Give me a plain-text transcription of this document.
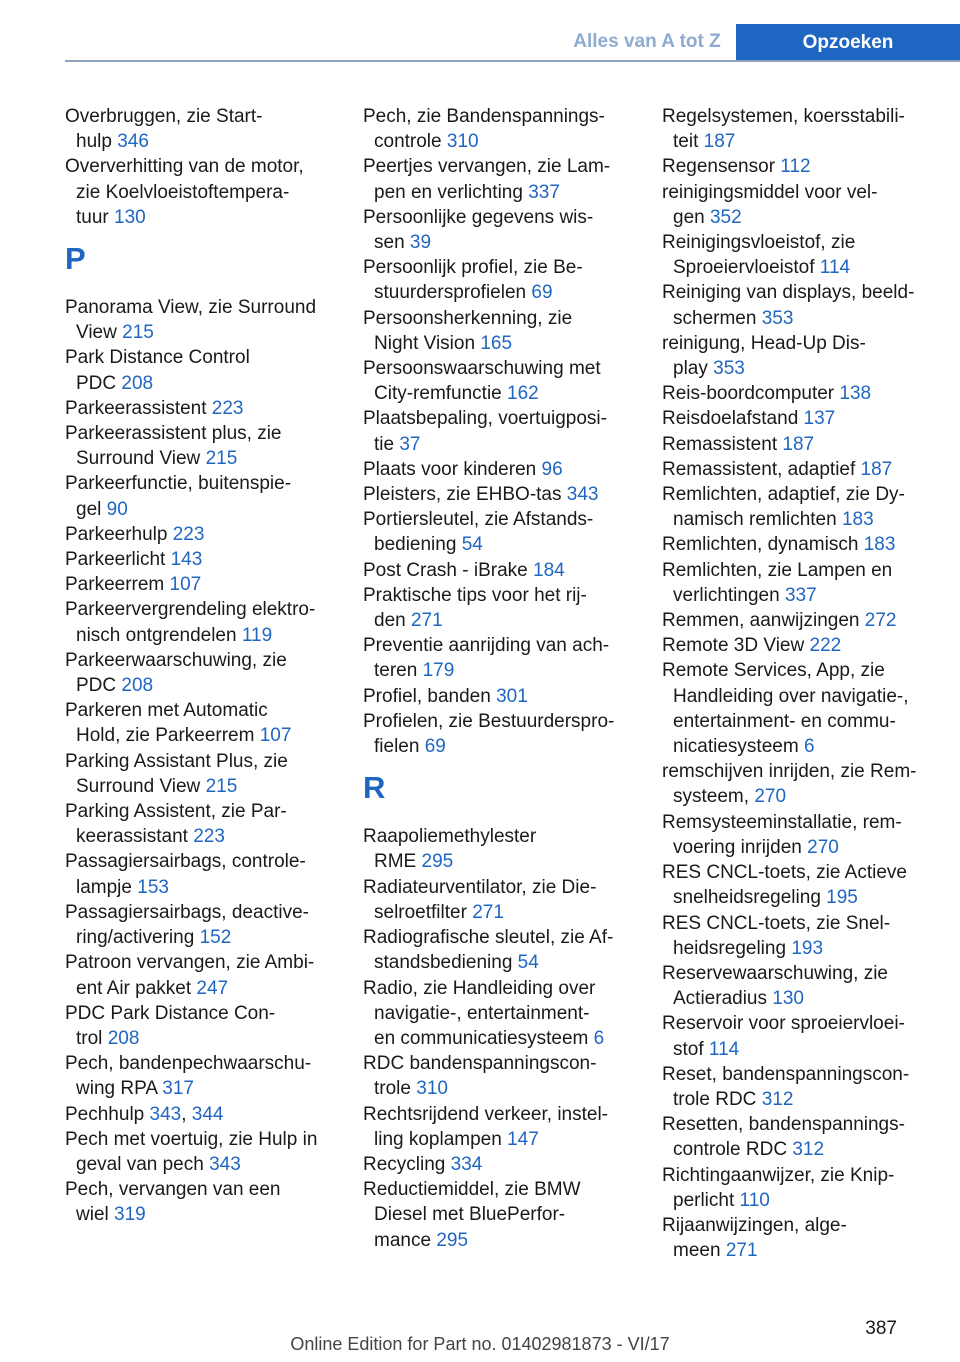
Alles van A tot Z	Opzoeken
Overbruggen, zie Start-
hulp 346
Oververhitting van de motor,
zie Koelvloeistoftempera-
tuur 130
P
Panorama View, zie Surround
View 215
Park Distance Control
PDC 208
Parkeerassistent 223
Parkeerassistent plus, zie
Surround View 215
Parkeerfunctie, buitenspie-
gel 90
Parkeerhulp 223
Parkeerlicht 143
Parkeerrem 107
Parkeervergrendeling elektro-
nisch ontgrendelen 119
Parkeerwaarschuwing, zie
PDC 208
Parkeren met Automatic
Hold, zie Parkeerrem 107
Parking Assistant Plus, zie
Surround View 215
Parking Assistent, zie Par-
keerassistant 223
Passagiersairbags, controle-
lampje 153
Passagiersairbags, deactive-
ring/activering 152
Patroon vervangen, zie Ambi-
ent Air pakket 247
PDC Park Distance Con-
trol 208
Pech, bandenpechwaarschu-
wing RPA 317
Pechhulp 343, 344
Pech met voertuig, zie Hulp in
geval van pech 343
Pech, vervangen van een
wiel 319
Pech, zie Bandenspannings-
controle 310
Peertjes vervangen, zie Lam-
pen en verlichting 337
Persoonlijke gegevens wis-
sen 39
Persoonlijk profiel, zie Be-
stuurdersprofielen 69
Persoonsherkenning, zie
Night Vision 165
Persoonswaarschuwing met
City-remfunctie 162
Plaatsbepaling, voertuigposi-
tie 37
Plaats voor kinderen 96
Pleisters, zie EHBO-tas 343
Portiersleutel, zie Afstands-
bediening 54
Post Crash - iBrake 184
Praktische tips voor het rij-
den 271
Preventie aanrijding van ach-
teren 179
Profiel, banden 301
Profielen, zie Bestuurderspro-
fielen 69
R
Raapoliemethylester
RME 295
Radiateurventilator, zie Die-
selroetfilter 271
Radiografische sleutel, zie Af-
standsbediening 54
Radio, zie Handleiding over
navigatie-, entertainment-
en communicatiesysteem 6
RDC bandenspanningscon-
trole 310
Rechtsrijdend verkeer, instel-
ling koplampen 147
Recycling 334
Reductiemiddel, zie BMW
Diesel met BluePerfor-
mance 295
Regelsystemen, koersstabili-
teit 187
Regensensor 112
reinigingsmiddel voor vel-
gen 352
Reinigingsvloeistof, zie
Sproeiervloeistof 114
Reiniging van displays, beeld-
schermen 353
reinigung, Head-Up Dis-
play 353
Reis-boordcomputer 138
Reisdoelafstand 137
Remassistent 187
Remassistent, adaptief 187
Remlichten, adaptief, zie Dy-
namisch remlichten 183
Remlichten, dynamisch 183
Remlichten, zie Lampen en
verlichtingen 337
Remmen, aanwijzingen 272
Remote 3D View 222
Remote Services, App, zie
Handleiding over navigatie-,
entertainment- en commu-
nicatiesysteem 6
remschijven inrijden, zie Rem-
systeem, 270
Remsysteeminstallatie, rem-
voering inrijden 270
RES CNCL-toets, zie Actieve
snelheidsregeling 195
RES CNCL-toets, zie Snel-
heidsregeling 193
Reservewaarschuwing, zie
Actieradius 130
Reservoir voor sproeiervloei-
stof 114
Reset, bandenspanningscon-
trole RDC 312
Resetten, bandenspannings-
controle RDC 312
Richtingaanwijzer, zie Knip-
perlicht 110
Rijaanwijzingen, alge-
meen 271
387
Online Edition for Part no. 01402981873 - VI/17
